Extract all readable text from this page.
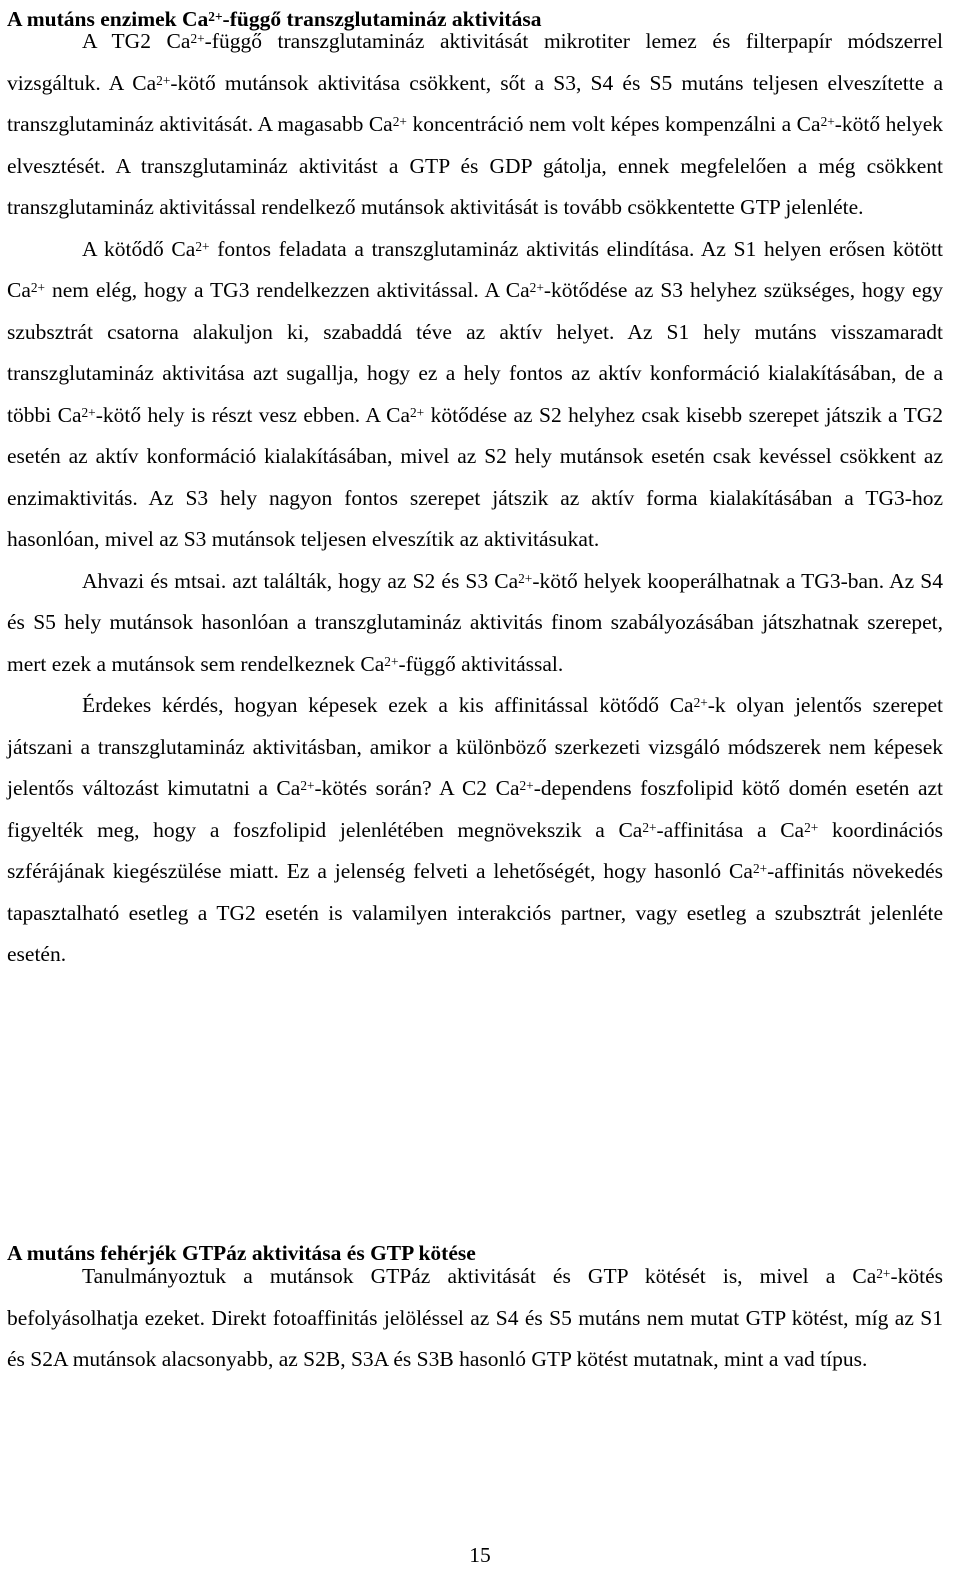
A mutáns enzimek $Ca^{2+}$-függő transzglutamináz aktivitása

A TG2 $Ca^{2+}$-függő transzglutamináz aktivitását mikrotiter lemez és filterpapír módszerrel vizsgáltuk. A $Ca^{2+}$-kötő mutánsok aktivitása csökkent, sőt a S3, S4 és S5 mutáns teljesen elveszítette a transzglutamináz aktivitását. A magasabb $Ca^{2+}$ koncentráció nem volt képes kompenzálni a $Ca^{2+}$-kötő helyek elvesztését. A transzglutamináz aktivitást a GTP és GDP gátolja, ennek megfelelően a még csökkent transzglutamináz aktivitással rendelkező mutánsok aktivitását is tovább csökkentette GTP jelenléte.

A kötődő $Ca^{2+}$ fontos feladata a transzglutamináz aktivitás elindítása. Az S1 helyen erősen kötött $Ca^{2+}$ nem elég, hogy a TG3 rendelkezzen aktivitással. A $Ca^{2+}$-kötődése az S3 helyhez szükséges, hogy egy szubsztrát csatorna alakuljon ki, szabaddá téve az aktív helyet. Az S1 hely mutáns visszamaradt transzglutamináz aktivitása azt sugallja, hogy ez a hely fontos az aktív konformáció kialakításában, de a többi $Ca^{2+}$-kötő hely is részt vesz ebben. A $Ca^{2+}$ kötődése az S2 helyhez csak kisebb szerepet játszik a TG2 esetén az aktív konformáció kialakításában, mivel az S2 hely mutánsok esetén csak kevéssel csökkent az enzimaktivitás. Az S3 hely nagyon fontos szerepet játszik az aktív forma kialakításában a TG3-hoz hasonlóan, mivel az S3 mutánsok teljesen elveszítik az aktivitásukat.

Ahvazi és mtsai. azt találták, hogy az S2 és S3 $Ca^{2+}$-kötő helyek kooperálhatnak a TG3-ban. Az S4 és S5 hely mutánsok hasonlóan a transzglutamináz aktivitás finom szabályozásában játszhatnak szerepet, mert ezek a mutánsok sem rendelkeznek $Ca^{2+}$-függő aktivitással.

Érdekes kérdés, hogyan képesek ezek a kis affinitással kötődő $Ca^{2+}-k$ olyan jelentős szerepet játszani a transzglutamináz aktivitásban, amikor a különböző szerkezeti vizsgáló módszerek nem képesek jelentős változást kimutatni a $Ca^{2+}$-kötés során? A C2 $Ca^{2+}$-dependens foszfolipid kötő domén esetén azt figyelték meg, hogy a foszfolipid jelenlétében megnövekszik a $Ca^{2+}$-affinitása a $Ca^{2+}$ koordinációs szférájának kiegészülése miatt. Ez a jelenség felveti a lehetőségét, hogy hasonló $Ca^{2+}$-affinitás növekedés tapasztalható esetleg a TG2 esetén is valamilyen interakciós partner, vagy esetleg a szubsztrát jelenléte esetén.

A mutáns fehérjék GTPáz aktivitása és GTP kötése

Tanulmányoztuk a mutánsok GTPáz aktivitását és GTP kötését is, mivel a $Ca^{2+}$-kötés befolyásolhatja ezeket. Direkt fotoaffinitás jelöléssel az S4 és S5 mutáns nem mutat GTP kötést, míg az S1 és S2A mutánsok alacsonyabb, az S2B, S3A és S3B hasonló GTP kötést mutatnak, mint a vad típus.

15
